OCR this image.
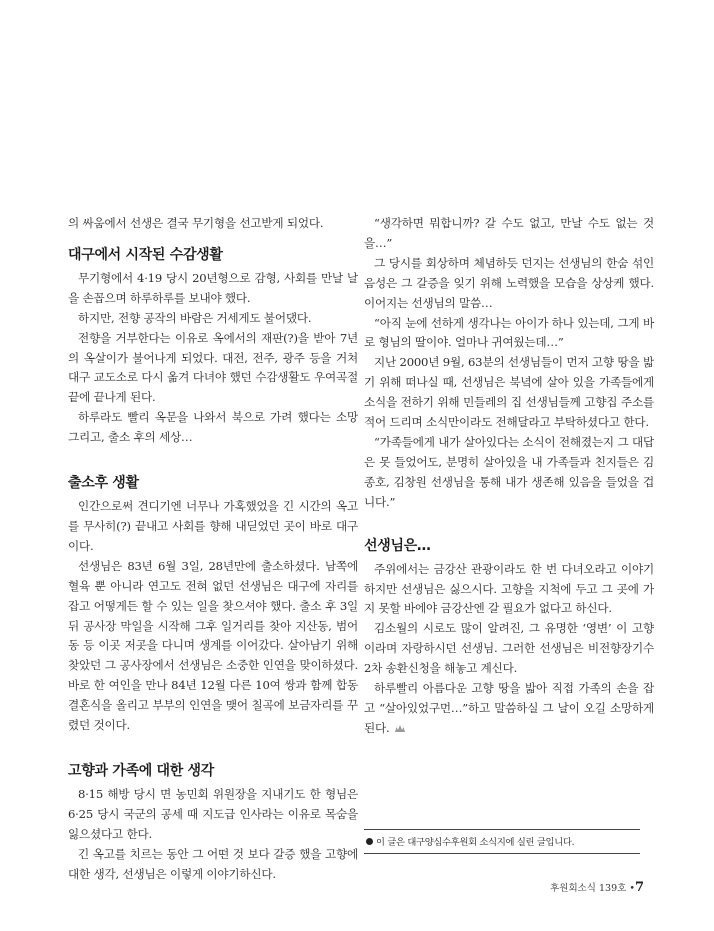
의 싸움에서 선생은 결국 무기형을 선고받게 되었다.

대구에서 시작된 수감생활

무기형에서 4·19 당시 20년형으로 감형, 사회를 만날 날을 손꼽으며 하루하루를 보내야 했다.

하지만, 전향 공작의 바람은 거세게도 불어댔다.

전향을 거부한다는 이유로 옥에서의 재판(?)을 받아 7년의 옥살이가 불어나게 되었다. 대전, 전주, 광주 등을 거쳐 대구 교도소로 다시 옮겨 다녀야 했던 수감생활도 우여곡절 끝에 끝나게 된다.

하루라도 빨리 옥문을 나와서 북으로 가려 했다는 소망 그리고, 출소 후의 세상…

출소후 생활

인간으로써 견디기엔 너무나 가혹했었을 긴 시간의 옥고를 무사히(?) 끝내고 사회를 향해 내딛었던 곳이 바로 대구이다.

선생님은 83년 6월 3일, 28년만에 출소하셨다. 남쪽에 혈육 뿐 아니라 연고도 전혀 없던 선생님은 대구에 자리를 잡고 어떻게든 할 수 있는 일을 찾으셔야 했다. 출소 후 3일 뒤 공사장 막일을 시작해 그후 일거리를 찾아 지산동, 범어동 등 이곳 저곳을 다니며 생계를 이어갔다. 살아남기 위해 찾았던 그 공사장에서 선생님은 소중한 인연을 맞이하셨다. 바로 한 여인을 만나 84년 12월 다른 10여 쌍과 함께 합동 결혼식을 올리고 부부의 인연을 맺어 칠곡에 보금자리를 꾸렸던 것이다.

고향과 가족에 대한 생각

8·15 해방 당시 면 농민회 위원장을 지내기도 한 형님은 6·25 당시 국군의 공세 때 지도급 인사라는 이유로 목숨을 잃으셨다고 한다.

긴 옥고를 치르는 동안 그 어떤 것 보다 갈증 했을 고향에 대한 생각, 선생님은 이렇게 이야기하신다.

“생각하면 뭐합니까? 갈 수도 없고, 만날 수도 없는 것을…”

그 당시를 회상하며 체념하듯 던지는 선생님의 한숨 섞인 음성은 그 갈증을 잊기 위해 노력했을 모습을 상상케 했다. 이어지는 선생님의 말씀…

“아직 눈에 선하게 생각나는 아이가 하나 있는데, 그게 바로 형님의 딸이야. 얼마나 귀여웠는데…”

지난 2000년 9월, 63분의 선생님들이 먼저 고향 땅을 밟기 위해 떠나실 때, 선생님은 북녘에 살아 있을 가족들에게 소식을 전하기 위해 민들레의 집 선생님들께 고향집 주소를 적어 드리며 소식만이라도 전해달라고 부탁하셨다고 한다.

“가족들에게 내가 살아있다는 소식이 전해졌는지 그 대답은 못 들었어도, 분명히 살아있을 내 가족들과 친지들은 김종호, 김창원 선생님을 통해 내가 생존해 있음을 들었을 겁니다.”

선생님은…

주위에서는 금강산 관광이라도 한 번 다녀오라고 이야기 하지만 선생님은 싫으시다. 고향을 지척에 두고 그 곳에 가지 못할 바에야 금강산엔 갈 필요가 없다고 하신다.

김소월의 시로도 많이 알려진, 그 유명한 ‘영변’ 이 고향이라며 자랑하시던 선생님. 그러한 선생님은 비전향장기수 2차 송환신청을 해놓고 계신다.

하루빨리 아름다운 고향 땅을 밟아 직접 가족의 손을 잡고 “살아있었구먼…”하고 말씀하실 그 날이 오길 소망하게 된다.

이 글은 대구양심수후원회 소식지에 실린 글입니다.
후원회소식 139호 •7
